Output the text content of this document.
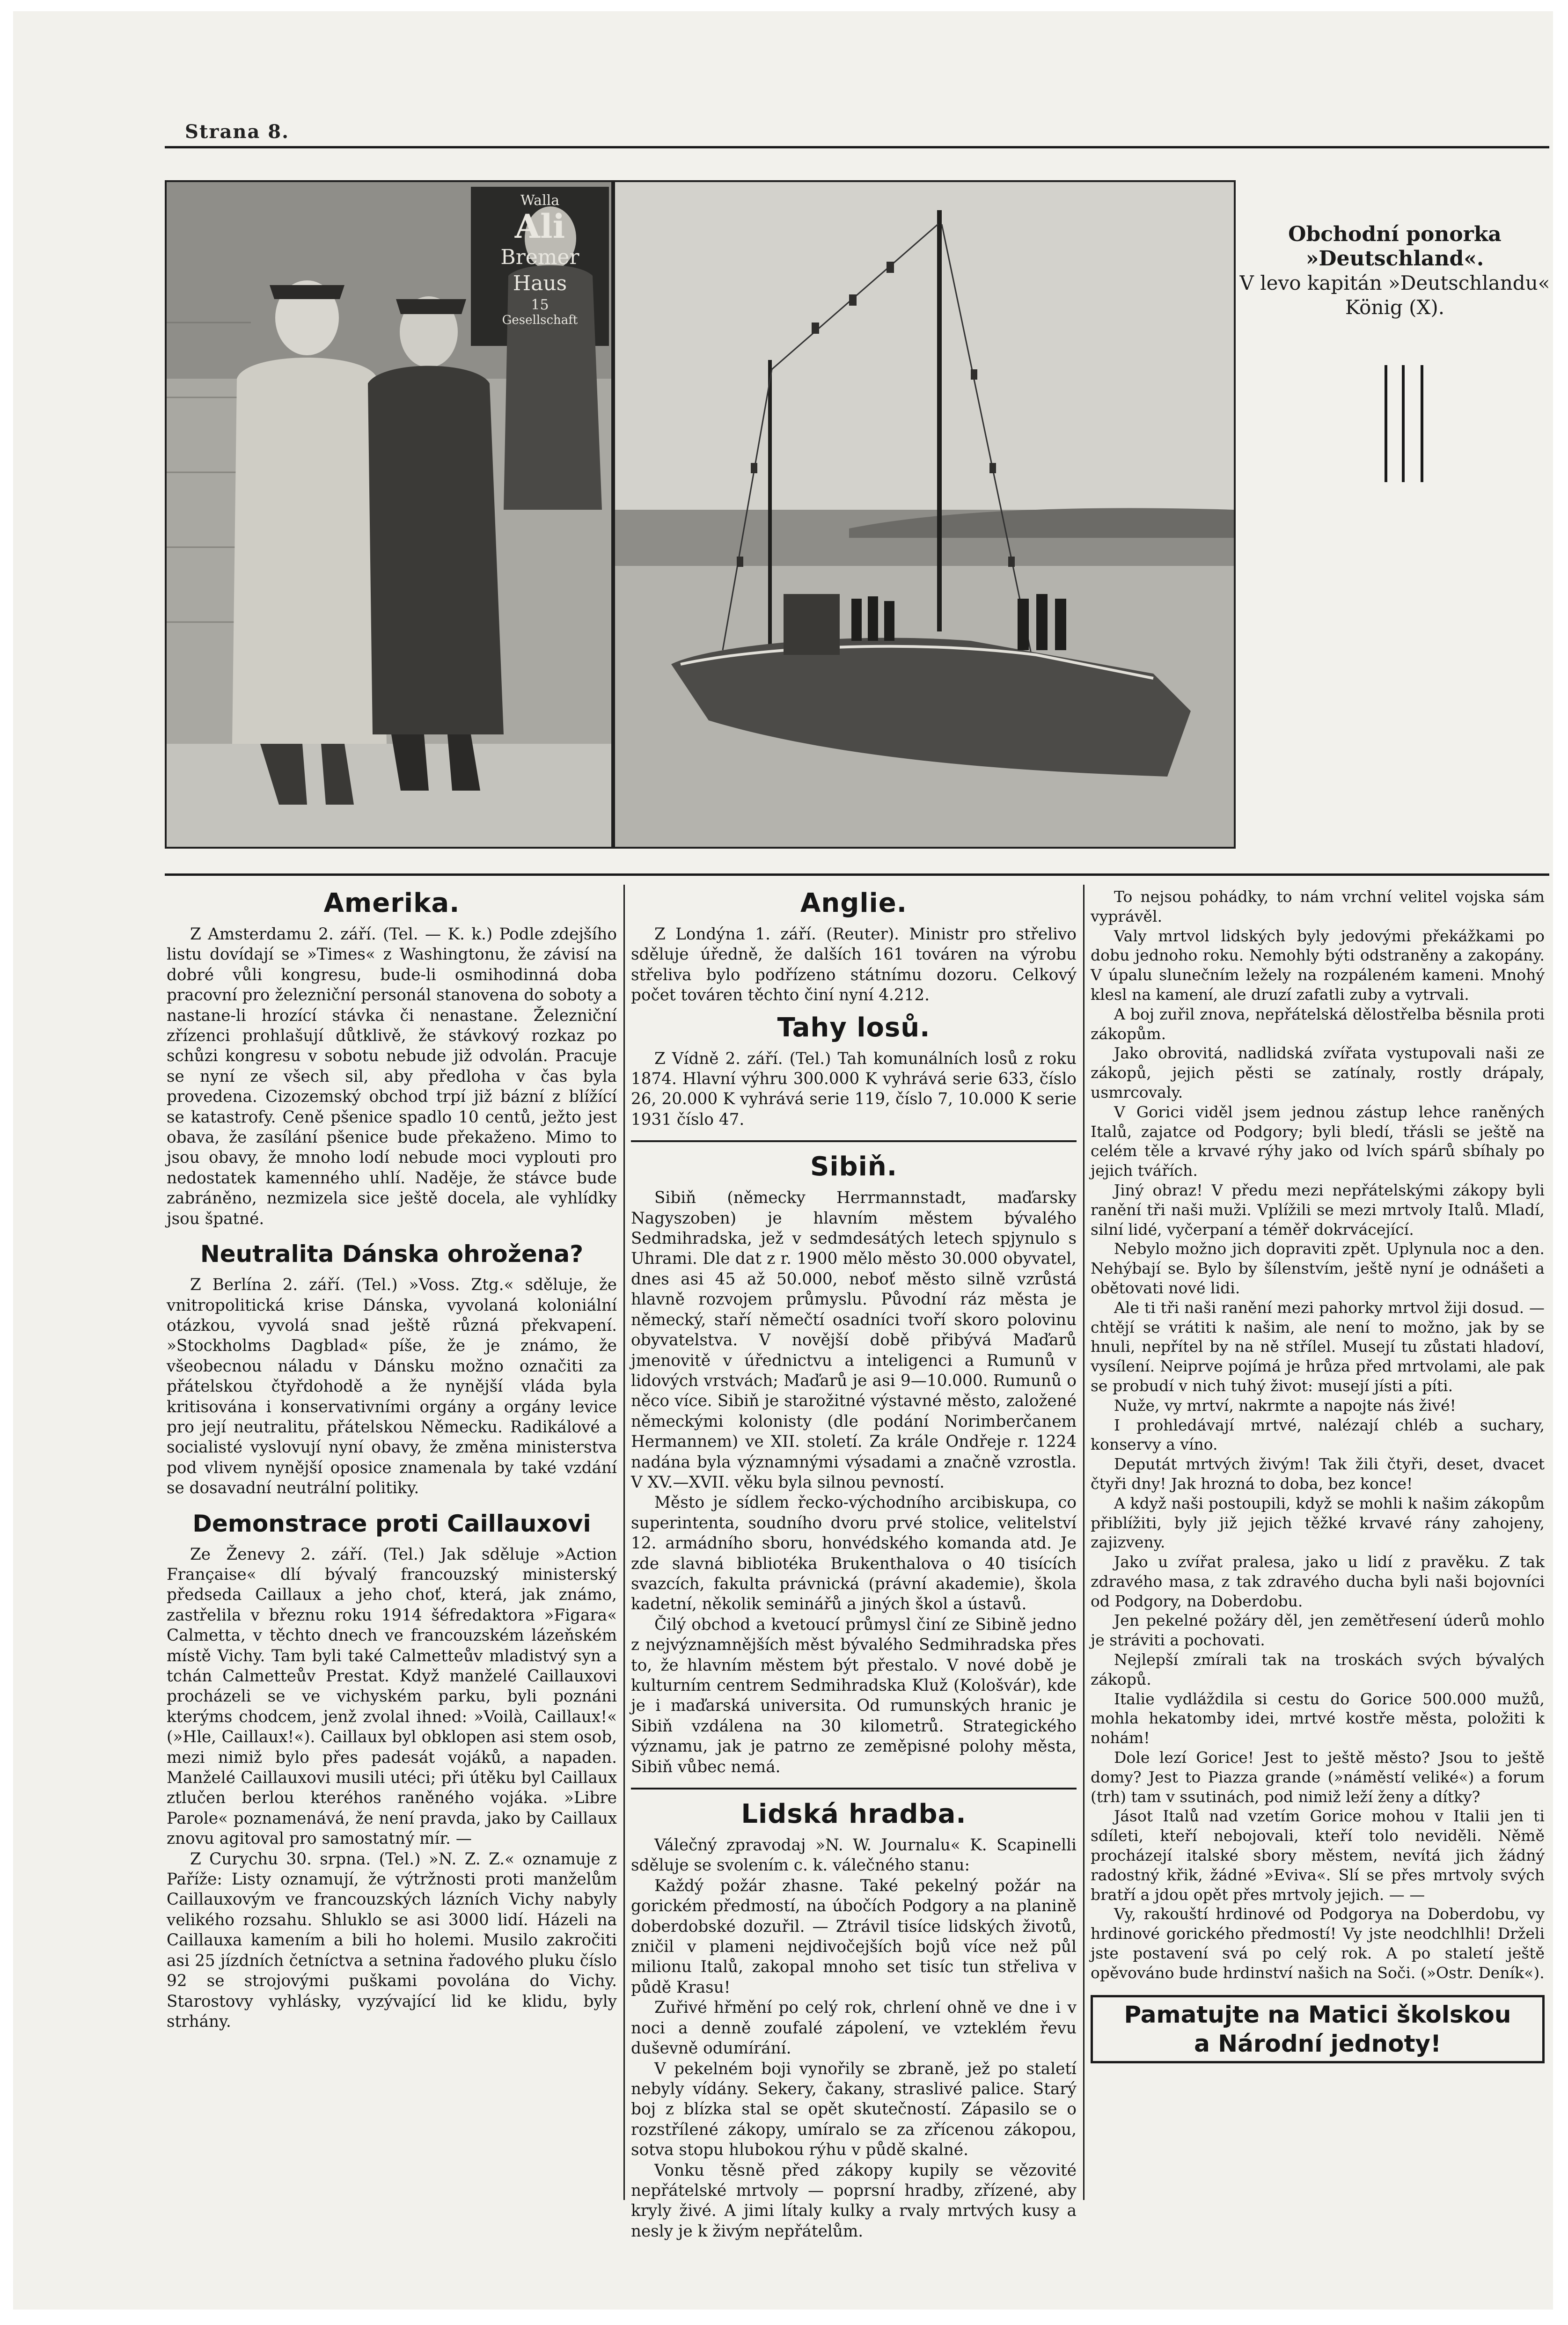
Strana 8.
Walla
Ali
Bremer Haus
15
Gesellschaft
Obchodní ponorka »Deutschland«.
V levo kapitán »Deutschlandu« König (X).
Amerika.

Z Amsterdamu 2. září. (Tel. — K. k.) Podle zdejšího listu dovídají se »Times« z Washingtonu, že závisí na dobré vůli kongresu, bude-li osmihodinná doba pracovní pro železniční personál stanovena do soboty a nastane-li hrozící stávka či nenastane. Železniční zřízenci prohlašují důtklivě, že stávkový rozkaz po schůzi kongresu v sobotu nebude již odvolán. Pracuje se nyní ze všech sil, aby předloha v čas byla provedena. Cizozemský obchod trpí již bázní z blížící se katastrofy. Ceně pšenice spadlo 10 centů, ježto jest obava, že zasílání pšenice bude překaženo. Mimo to jsou obavy, že mnoho lodí nebude moci vyplouti pro nedostatek kamenného uhlí. Naděje, že stávce bude zabráněno, nezmizela sice ještě docela, ale vyhlídky jsou špatné.

Neutralita Dánska ohrožena?

Z Berlína 2. září. (Tel.) »Voss. Ztg.« sděluje, že vnitropolitická krise Dánska, vyvolaná koloniální otázkou, vyvolá snad ještě různá překvapení. »Stockholms Dagblad« píše, že je známo, že všeobecnou náladu v Dánsku možno označiti za přátelskou čtyřdohodě a že nynější vláda byla kritisována i konservativními orgány a orgány levice pro její neutralitu, přátelskou Německu. Radikálové a socialisté vyslovují nyní obavy, že změna ministerstva pod vlivem nynější oposice znamenala by také vzdání se dosavadní neutrální politiky.

Demonstrace proti Caillauxovi

Ze Ženevy 2. září. (Tel.) Jak sděluje »Action Française« dlí bývalý francouzský ministerský předseda Caillaux a jeho choť, která, jak známo, zastřelila v březnu roku 1914 šéfredaktora »Figara« Calmetta, v těchto dnech ve francouzském lázeňském místě Vichy. Tam byli také Calmetteův mladistvý syn a tchán Calmetteův Prestat. Když manželé Caillauxovi procházeli se ve vichyském parku, byli poznáni kterýms chodcem, jenž zvolal ihned: »Voilà, Caillaux!« (»Hle, Caillaux!«). Caillaux byl obklopen asi stem osob, mezi nimiž bylo přes padesát vojáků, a napaden. Manželé Caillauxovi musili utéci; při útěku byl Caillaux ztlučen berlou kteréhos raněného vojáka. »Libre Parole« poznamenává, že není pravda, jako by Caillaux znovu agitoval pro samostatný mír. —

Z Curychu 30. srpna. (Tel.) »N. Z. Z.« oznamuje z Paříže: Listy oznamují, že výtržnosti proti manželům Caillauxovým ve francouzských lázních Vichy nabyly velikého rozsahu. Shluklo se asi 3000 lidí. Házeli na Caillauxa kamením a bili ho holemi. Musilo zakročiti asi 25 jízdních četníctva a setnina řadového pluku číslo 92 se strojovými puškami povolána do Vichy. Starostovy vyhlásky, vyzývající lid ke klidu, byly strhány.

Anglie.

Z Londýna 1. září. (Reuter). Ministr pro střelivo sděluje úředně, že dalších 161 továren na výrobu střeliva bylo podřízeno státnímu dozoru. Celkový počet továren těchto činí nyní 4.212.

Tahy losů.

Z Vídně 2. září. (Tel.) Tah komunálních losů z roku 1874. Hlavní výhru 300.000 K vyhrává serie 633, číslo 26, 20.000 K vyhrává serie 119, číslo 7, 10.000 K serie 1931 číslo 47.

Sibiň.

Sibiň (německy Herrmannstadt, maďarsky Nagyszoben) je hlavním městem bývalého Sedmihradska, jež v sedmdesátých letech spjynulo s Uhrami. Dle dat z r. 1900 mělo město 30.000 obyvatel, dnes asi 45 až 50.000, neboť město silně vzrůstá hlavně rozvojem průmyslu. Původní ráz města je německý, staří němečtí osadníci tvoří skoro polovinu obyvatelstva. V novější době přibývá Maďarů jmenovitě v úřednictvu a inteligenci a Rumunů v lidových vrstvách; Maďarů je asi 9—10.000. Rumunů o něco více. Sibiň je starožitné výstavné město, založené německými kolonisty (dle podání Norimberčanem Hermannem) ve XII. století. Za krále Ondřeje r. 1224 nadána byla významnými výsadami a značně vzrostla. V XV.—XVII. věku byla silnou pevností.

Město je sídlem řecko-východního arcibiskupa, co superintenta, soudního dvoru prvé stolice, velitelství 12. armádního sboru, honvédského komanda atd. Je zde slavná bibliotéka Brukenthalova o 40 tisících svazcích, fakulta právnická (právní akademie), škola kadetní, několik seminářů a jiných škol a ústavů.

Čilý obchod a kvetoucí průmysl činí ze Sibině jedno z nejvýznamnějších měst bývalého Sedmihradska přes to, že hlavním městem být přestalo. V nové době je kulturním centrem Sedmihradska Kluž (Kološvár), kde je i maďarská universita. Od rumunských hranic je Sibiň vzdálena na 30 kilometrů. Strategického významu, jak je patrno ze zeměpisné polohy města, Sibiň vůbec nemá.

Lidská hradba.

Válečný zpravodaj »N. W. Journalu« K. Scapinelli sděluje se svolením c. k. válečného stanu:

Každý požár zhasne. Také pekelný požár na gorickém předmostí, na úbočích Podgory a na planině doberdobské dozuřil. — Ztrávil tisíce lidských životů, zničil v plameni nejdivočejších bojů více než půl milionu Italů, zakopal mnoho set tisíc tun střeliva v půdě Krasu!

Zuřivé hřmění po celý rok, chrlení ohně ve dne i v noci a denně zoufalé zápolení, ve vzteklém řevu duševně odumírání.

V pekelném boji vynořily se zbraně, jež po staletí nebyly vídány. Sekery, čakany, straslivé palice. Starý boj z blízka stal se opět skutečností. Zápasilo se o rozstřílené zákopy, umíralo se za zřícenou zákopou, sotva stopu hlubokou rýhu v půdě skalné.

Vonku těsně před zákopy kupily se vězovité nepřátelské mrtvoly — poprsní hradby, zřízené, aby kryly živé. A jimi lítaly kulky a rvaly mrtvých kusy a nesly je k živým nepřátelům.

To nejsou pohádky, to nám vrchní velitel vojska sám vyprávěl.

Valy mrtvol lidských byly jedovými překážkami po dobu jednoho roku. Nemohly býti odstraněny a zakopány. V úpalu slunečním ležely na rozpáleném kameni. Mnohý klesl na kamení, ale druzí zafatli zuby a vytrvali.

A boj zuřil znova, nepřátelská dělostřelba běsnila proti zákopům.

Jako obrovitá, nadlidská zvířata vystupovali naši ze zákopů, jejich pěsti se zatínaly, rostly drápaly, usmrcovaly.

V Gorici viděl jsem jednou zástup lehce raněných Italů, zajatce od Podgory; byli bledí, třásli se ještě na celém těle a krvavé rýhy jako od lvích spárů sbíhaly po jejich tvářích.

Jiný obraz! V předu mezi nepřátelskými zákopy byli ranění tři naši muži. Vplížili se mezi mrtvoly Italů. Mladí, silní lidé, vyčerpaní a téměř dokrvácející.

Nebylo možno jich dopraviti zpět. Uplynula noc a den. Nehýbají se. Bylo by šílenstvím, ještě nyní je odnášeti a obětovati nové lidi.

Ale ti tři naši ranění mezi pahorky mrtvol žiji dosud. — chtějí se vrátiti k našim, ale není to možno, jak by se hnuli, nepřítel by na ně střílel. Musejí tu zůstati hladoví, vysílení. Neiprve pojímá je hrůza před mrtvolami, ale pak se probudí v nich tuhý život: musejí jísti a píti.

Nuže, vy mrtví, nakrmte a napojte nás živé!

I prohledávají mrtvé, nalézají chléb a suchary, konservy a víno.

Deputát mrtvých živým! Tak žili čtyři, deset, dvacet čtyři dny! Jak hrozná to doba, bez konce!

A když naši postoupili, když se mohli k našim zákopům přiblížiti, byly již jejich těžké krvavé rány zahojeny, zajizveny.

Jako u zvířat pralesa, jako u lidí z pravěku. Z tak zdravého masa, z tak zdravého ducha byli naši bojovníci od Podgory, na Doberdobu.

Jen pekelné požáry děl, jen zemětřesení úderů mohlo je stráviti a pochovati.

Nejlepší zmírali tak na troskách svých bývalých zákopů.

Italie vydláždila si cestu do Gorice 500.000 mužů, mohla hekatomby idei, mrtvé kostře města, položiti k nohám!

Dole lezí Gorice! Jest to ještě město? Jsou to ještě domy? Jest to Piazza grande (»náměstí veliké«) a forum (trh) tam v ssutinách, pod nimiž leží ženy a dítky?

Jásot Italů nad vzetím Gorice mohou v Italii jen ti sdíleti, kteří nebojovali, kteří tolo neviděli. Němě procházejí italské sbory městem, nevítá jich žádný radostný křik, žádné »Eviva«. Slí se přes mrtvoly svých bratří a jdou opět přes mrtvoly jejich. — —

Vy, rakouští hrdinové od Podgorya na Doberdobu, vy hrdinové gorického předmostí! Vy jste neodchlhli! Drželi jste postavení svá po celý rok. A po staletí ještě opěvováno bude hrdinství našich na Soči. (»Ostr. Deník«).

Pamatujte na Matici školskou
a Národní jednoty!
